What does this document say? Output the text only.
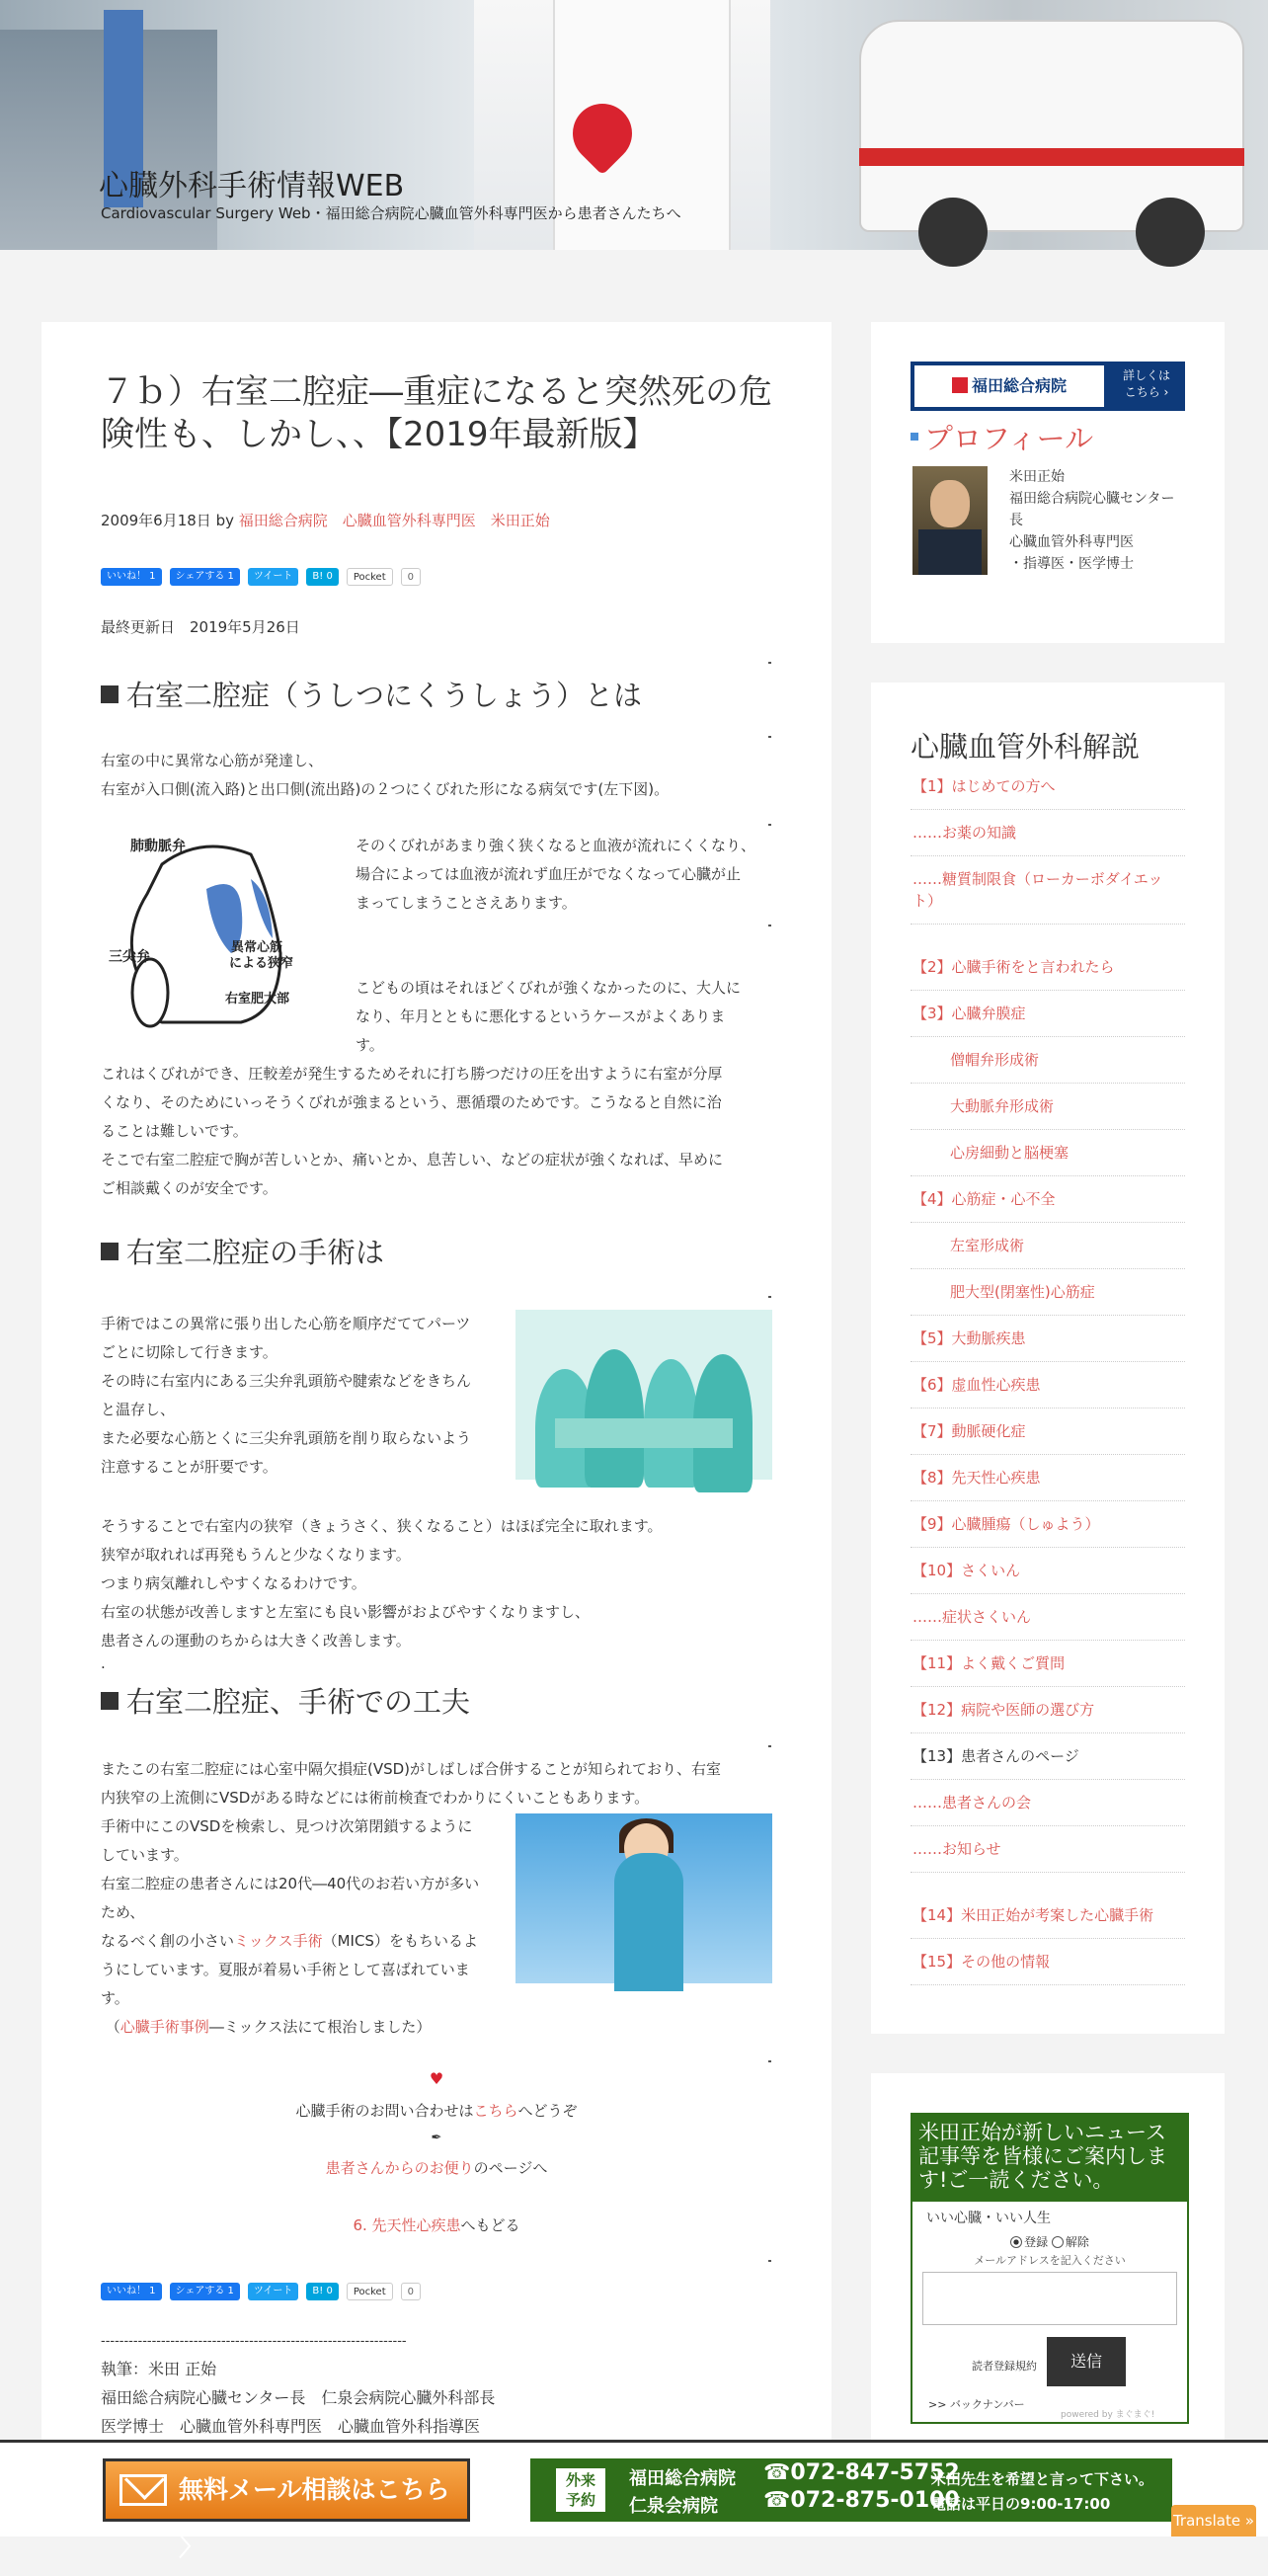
心臓外科手術情報WEB
Cardiovascular Surgery Web・福田総合病院心臓血管外科専門医から患者さんたちへ
７ｂ）右室二腔症―重症になると突然死の危険性も、しかし、、【2019年最新版】
2009年6月18日 by 福田総合病院　心臓血管外科専門医　米田正始
いいね！ 1	シェアする 1	ツイート	B! 0	Pocket	0
最終更新日　2019年5月26日
右室二腔症（うしつにくうしょう）とは
右室の中に異常な心筋が発達し、
右室が入口側(流入路)と出口側(流出路)の２つにくびれた形になる病気です(左下図)。
肺動脈弁
三尖弁
異常心筋
による狭窄
右室肥大部
そのくびれがあまり強く狭くなると血液が流れにくくなり、
場合によっては血液が流れず血圧がでなくなって心臓が止
まってしまうことさえあります。
こどもの頃はそれほどくびれが強くなかったのに、大人に
なり、年月とともに悪化するというケースがよくありま
す。
これはくびれができ、圧較差が発生するためそれに打ち勝つだけの圧を出すように右室が分厚
くなり、そのためにいっそうくびれが強まるという、悪循環のためです。こうなると自然に治
ることは難しいです。
そこで右室二腔症で胸が苦しいとか、痛いとか、息苦しい、などの症状が強くなれば、早めに
ご相談戴くのが安全です。
右室二腔症の手術は
手術ではこの異常に張り出した心筋を順序だててパーツ
ごとに切除して行きます。
その時に右室内にある三尖弁乳頭筋や腱索などをきちん
と温存し、
また必要な心筋とくに三尖弁乳頭筋を削り取らないよう
注意することが肝要です。
そうすることで右室内の狭窄（きょうさく、狭くなること）はほぼ完全に取れます。
狭窄が取れれば再発もうんと少なくなります。
つまり病気離れしやすくなるわけです。
右室の状態が改善しますと左室にも良い影響がおよびやすくなりますし、
患者さんの運動のちからは大きく改善します。
.
右室二腔症、手術での工夫
またこの右室二腔症には心室中隔欠損症(VSD)がしばしば合併することが知られており、右室
内狭窄の上流側にVSDがある時などには術前検査でわかりにくいこともあります。
手術中にこのVSDを検索し、見つけ次第閉鎖するように
しています。
右室二腔症の患者さんには20代―40代のお若い方が多い
ため、
なるべく創の小さいミックス手術（MICS）をもちいるよ
うにしています。夏服が着易い手術として喜ばれていま
す。
（心臓手術事例―ミックス法にて根治しました）
♥
心臓手術のお問い合わせはこちらへどうぞ
✒
患者さんからのお便りのページへ
6. 先天性心疾患へもどる
いいね！ 1	シェアする 1	ツイート	B! 0	Pocket	0
------------------------------------------------------------------
執筆：米田 正始
福田総合病院心臓センター長　仁泉会病院心臓外科部長
医学博士　心臓血管外科専門医　心臓血管外科指導医
福田総合病院
詳しくは
こちら ›
プロフィール
米田正始
福田総合病院心臓センター長
心臓血管外科専門医
・指導医・医学博士
心臓血管外科解説
【1】はじめての方へ
……お薬の知識
……糖質制限食（ローカーボダイエット）
【2】心臓手術をと言われたら
【3】心臓弁膜症
僧帽弁形成術
大動脈弁形成術
心房細動と脳梗塞
【4】心筋症・心不全
左室形成術
肥大型(閉塞性)心筋症
【5】大動脈疾患
【6】虚血性心疾患
【7】動脈硬化症
【8】先天性心疾患
【9】心臓腫瘍（しゅよう）
【10】さくいん
……症状さくいん
【11】よく戴くご質問
【12】病院や医師の選び方
【13】患者さんのページ
……患者さんの会
……お知らせ
【14】米田正始が考案した心臓手術
【15】その他の情報
米田正始が新しいニュース記事等を皆様にご案内します!ご一読ください。
いい心臓・いい人生
登録 解除
メールアドレスを記入ください
読者登録規約	送信
>> バックナンバー
powered by まぐまぐ!
無料メール相談はこちら 〉
外来
予約
福田総合病院
仁泉会病院
☎072-847-5752
☎072-875-0100
米田先生を希望と言って下さい。
電話は平日の9:00-17:00
Translate »
